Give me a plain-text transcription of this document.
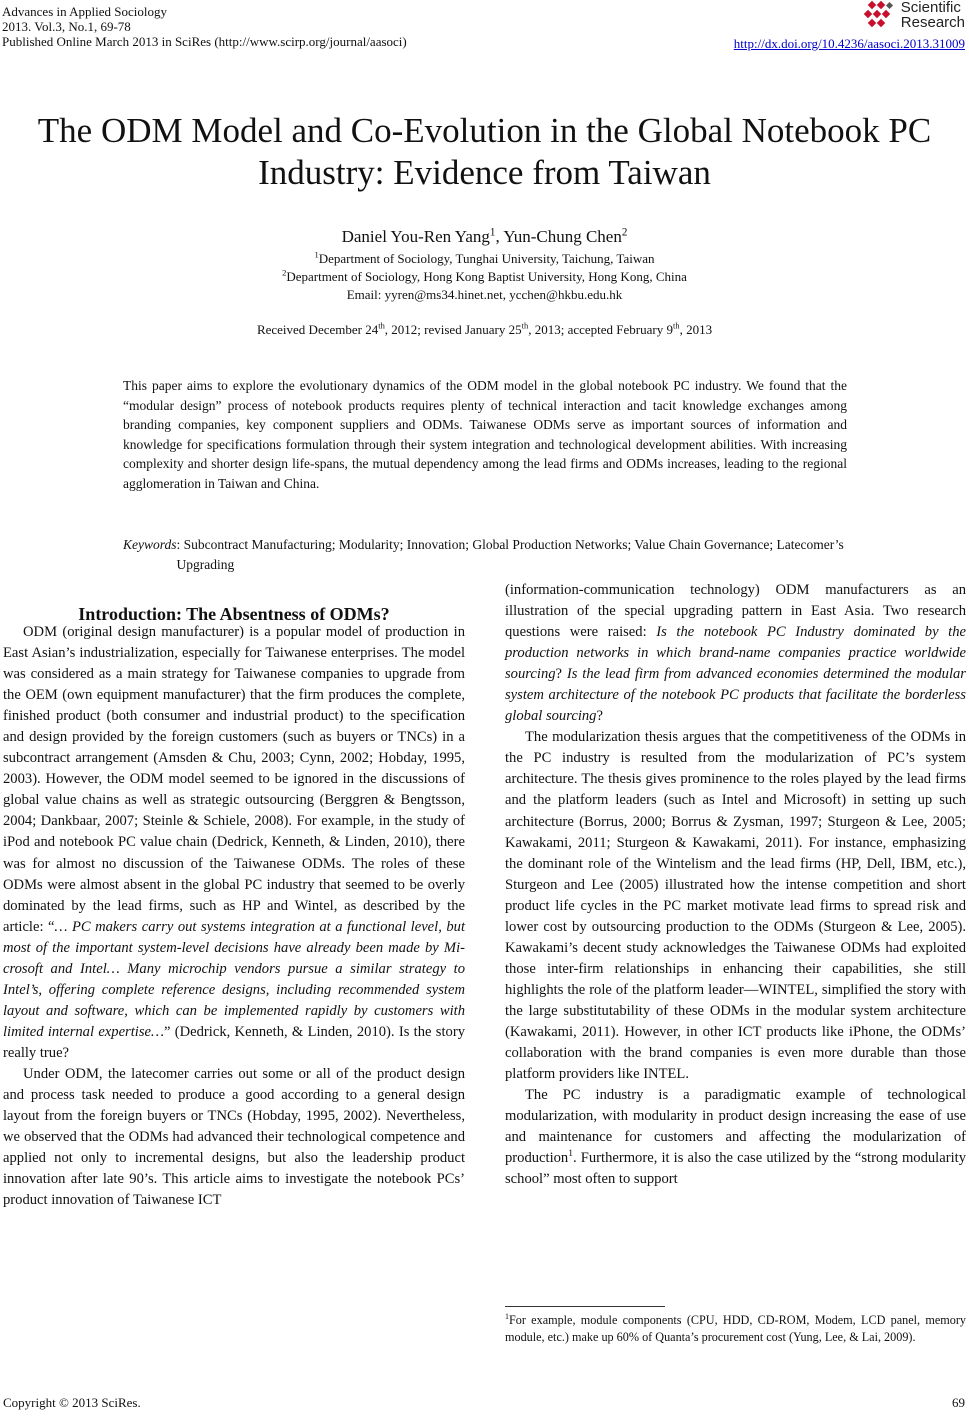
Advances in Applied Sociology
2013. Vol.3, No.1, 69-78
Published Online March 2013 in SciRes (http://www.scirp.org/journal/aasoci)
Scientific
Research
http://dx.doi.org/10.4236/aasoci.2013.31009
The ODM Model and Co-Evolution in the Global Notebook PC
Industry: Evidence from Taiwan
Daniel You-Ren Yang$^1$, Yun-Chung Chen$^2$
$^1$Department of Sociology, Tunghai University, Taichung, Taiwan
$^2$Department of Sociology, Hong Kong Baptist University, Hong Kong, China
Email: yyren@ms34.hinet.net, ycchen@hkbu.edu.hk
Received December 24th, 2012; revised January 25th, 2013; accepted February 9th, 2013
This paper aims to explore the evolutionary dynamics of the ODM model in the global notebook PC industry. We found that the “modular design” process of notebook products requires plenty of technical interaction and tacit knowledge exchanges among branding companies, key component suppliers and ODMs. Taiwanese ODMs serve as important sources of information and knowledge for specifications formulation through their system integration and technological development abilities. With increasing complexity and shorter design life-spans, the mutual dependency among the lead firms and ODMs increases, leading to the regional agglomeration in Taiwan and China.
Keywords : Subcontract Manufacturing; Modularity; Innovation; Global Production Networks; Value Chain Governance; Latecomer’s Upgrading
Introduction: The Absentness of ODMs?

ODM (original design manufacturer) is a popular model of production in East Asian’s industrialization, especially for Taiwanese enterprises. The model was considered as a main strategy for Taiwanese companies to upgrade from the OEM (own equipment manufacturer) that the firm produces the complete, finished product (both consumer and industrial product) to the specification and design provided by the foreign customers (such as buyers or TNCs) in a subcontract arrangement (Amsden & Chu, 2003; Cynn, 2002; Hobday, 1995, 2003). However, the ODM model seemed to be ignored in the discussions of global value chains as well as strategic outsourcing (Berggren & Bengtsson, 2004; Dankbaar, 2007; Steinle & Schiele, 2008). For example, in the study of iPod and notebook PC value chain (Dedrick, Kenneth, & Linden, 2010), there was for almost no discussion of the Taiwanese ODMs. The roles of these ODMs were almost absent in the global PC industry that seemed to be overly dominated by the lead firms, such as HP and Wintel, as described by the article: “… PC makers carry out systems integration at a functional level, but most of the important system-level decisions have already been made by Microsoft and Intel… Many microchip vendors pursue a similar strategy to Intel’s, offering complete reference designs, including recommended system layout and software, which can be implemented rapidly by customers with limited internal expertise…” (Dedrick, Kenneth, & Linden, 2010). Is the story really true?

Under ODM, the latecomer carries out some or all of the product design and process task needed to produce a good according to a general design layout from the foreign buyers or TNCs (Hobday, 1995, 2002). Nevertheless, we observed that the ODMs had advanced their technological competence and applied not only to incremental designs, but also the leadership product innovation after late 90’s. This article aims to investigate the notebook PCs’ product innovation of Taiwanese ICT

(information-communication technology) ODM manufacturers as an illustration of the special upgrading pattern in East Asia. Two research questions were raised: Is the notebook PC Industry dominated by the production networks in which brand-name companies practice worldwide sourcing? Is the lead firm from advanced economies determined the modular system architecture of the notebook PC products that facilitate the borderless global sourcing?

The modularization thesis argues that the competitiveness of the ODMs in the PC industry is resulted from the modularization of PC’s system architecture. The thesis gives prominence to the roles played by the lead firms and the platform leaders (such as Intel and Microsoft) in setting up such architecture (Borrus, 2000; Borrus & Zysman, 1997; Sturgeon & Lee, 2005; Kawakami, 2011; Sturgeon & Kawakami, 2011). For instance, emphasizing the dominant role of the Wintelism and the lead firms (HP, Dell, IBM, etc.), Sturgeon and Lee (2005) illustrated how the intense competition and short product life cycles in the PC market motivate lead firms to spread risk and lower cost by outsourcing production to the ODMs (Sturgeon & Lee, 2005). Kawakami’s decent study acknowledges the Taiwanese ODMs had exploited those inter-firm relationships in enhancing their capabilities, she still highlights the role of the platform leader—WINTEL, simplified the story with the large substitutability of these ODMs in the modular system architecture (Kawakami, 2011). However, in other ICT products like iPhone, the ODMs’ collaboration with the brand companies is even more durable than those platform providers like INTEL.

The PC industry is a paradigmatic example of technological modularization, with modularity in product design increasing the ease of use and maintenance for customers and affecting the modularization of production$^1$. Furthermore, it is also the case utilized by the “strong modularity school” most often to support

$^1$For example, module components (CPU, HDD, CD-ROM, Modem, LCD panel, memory module, etc.) make up 60% of Quanta’s procurement cost (Yung, Lee, & Lai, 2009).

Copyright © 2013 SciRes.	69
